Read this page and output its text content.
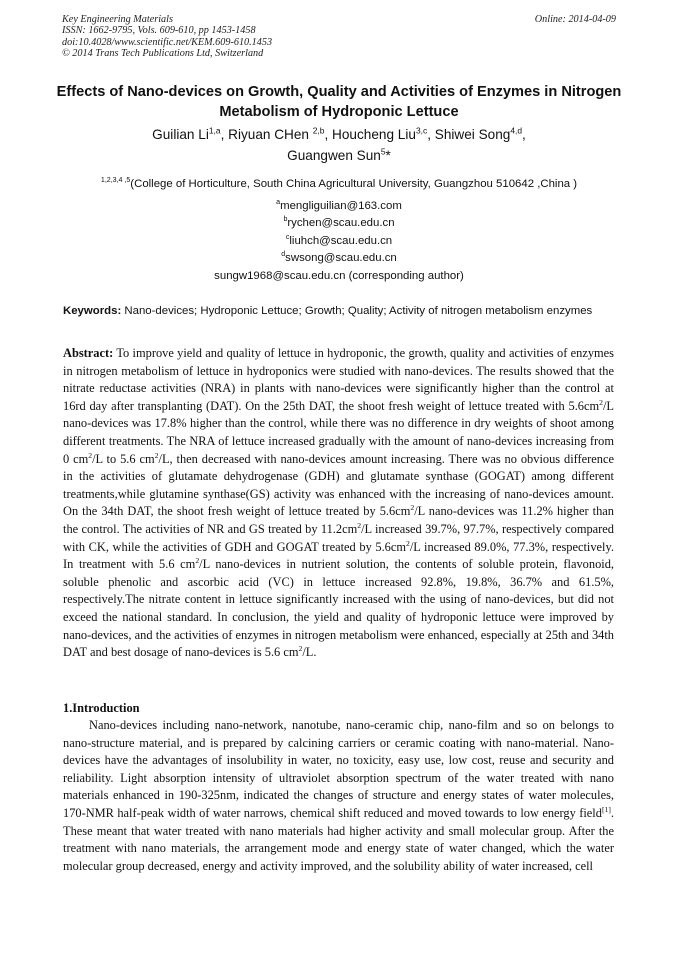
Key Engineering Materials
ISSN: 1662-9795, Vols. 609-610, pp 1453-1458
doi:10.4028/www.scientific.net/KEM.609-610.1453
© 2014 Trans Tech Publications Ltd, Switzerland
Online: 2014-04-09
Effects of Nano-devices on Growth, Quality and Activities of Enzymes in Nitrogen Metabolism of Hydroponic Lettuce
Guilian Li$^{1,a}$, Riyuan CHen $^{2,b}$, Houcheng Liu$^{3,c}$, Shiwei Song$^{4,d}$,
Guangwen Sun$^5$*
$^{1,2,3,4 ,5}$(College of Horticulture, South China Agricultural University, Guangzhou 510642 ,China )
$^a$mengliguilian@163.com
$^b$rychen@scau.edu.cn
$^c$liuhch@scau.edu.cn
$^d$swsong@scau.edu.cn
sungw1968@scau.edu.cn (corresponding author)
Keywords: Nano-devices; Hydroponic Lettuce; Growth; Quality; Activity of nitrogen metabolism enzymes
Abstract: To improve yield and quality of lettuce in hydroponic, the growth, quality and activities of enzymes in nitrogen metabolism of lettuce in hydroponics were studied with nano-devices. The results showed that the nitrate reductase activities (NRA) in plants with nano-devices were significantly higher than the control at 16rd day after transplanting (DAT). On the 25th DAT, the shoot fresh weight of lettuce treated with $5.6cm^2/L$ nano-devices was 17.8% higher than the control, while there was no difference in dry weights of shoot among different treatments. The NRA of lettuce increased gradually with the amount of nano-devices increasing from 0 $cm^2/L$ to 5.6 $cm^2/L$, then decreased with nano-devices amount increasing. There was no obvious difference in the activities of glutamate dehydrogenase (GDH) and glutamate synthase (GOGAT) among different treatments,while glutamine synthase(GS) activity was enhanced with the increasing of nano-devices amount. On the 34th DAT, the shoot fresh weight of lettuce treated by $5.6cm^2/L$ nano-devices was 11.2% higher than the control. The activities of NR and GS treated by $11.2cm^2/L$ increased 39.7%, 97.7%, respectively compared with CK, while the activities of GDH and GOGAT treated by $5.6cm^2/L$ increased 89.0%, 77.3%, respectively. In treatment with 5.6 $cm^2/L$ nano-devices in nutrient solution, the contents of soluble protein, flavonoid, soluble phenolic and ascorbic acid (VC) in lettuce increased 92.8%, 19.8%, 36.7% and 61.5%, respectively.The nitrate content in lettuce significantly increased with the using of nano-devices, but did not exceed the national standard. In conclusion, the yield and quality of hydroponic lettuce were improved by nano-devices, and the activities of enzymes in nitrogen metabolism were enhanced, especially at 25th and 34th DAT and best dosage of nano-devices is 5.6 $cm^2/L$.
1.Introduction
Nano-devices including nano-network, nanotube, nano-ceramic chip, nano-film and so on belongs to nano-structure material, and is prepared by calcining carriers or ceramic coating with nano-material. Nano-devices have the advantages of insolubility in water, no toxicity, easy use, low cost, reuse and security and reliability. Light absorption intensity of ultraviolet absorption spectrum of the water treated with nano materials enhanced in 190-325nm, indicated the changes of structure and energy states of water molecules, 170-NMR half-peak width of water narrows, chemical shift reduced and moved towards to low energy field[1]. These meant that water treated with nano materials had higher activity and small molecular group. After the treatment with nano materials, the arrangement mode and energy state of water changed, which the water molecular group decreased, energy and activity improved, and the solubility ability of water increased, cell
